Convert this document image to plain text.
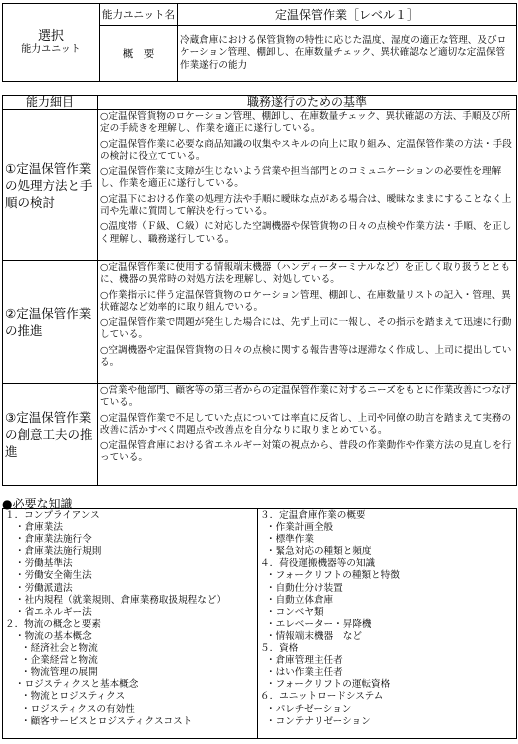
選択
能力ユニット	能力ユニット名	定温保管作業［レベル１］
	概　要	冷蔵倉庫における保管貨物の特性に応じた温度、湿度の適正な管理、及びロケーション管理、棚卸し、在庫数量チェック、異状確認など適切な定温保管作業遂行の能力
能力細目	職務遂行のための基準
①定温保管作業の処理方法と手順の検討	○定温保管貨物のロケーション管理、棚卸し、在庫数量チェック、異状確認の方法、手順及び所定の手続きを理解し、作業を適正に遂行している。

○定温保管作業に必要な商品知識の収集やスキルの向上に取り組み、定温保管作業の方法・手段の検討に役立てている。

○定温保管作業に支障が生じないよう営業や担当部門とのコミュニケーションの必要性を理解し、作業を適正に遂行している。

○定温下における作業の処理方法や手順に曖昧な点がある場合は、曖昧なままにすることなく上司や先輩に質問して解決を行っている。

○温度帯（Ｆ級、Ｃ級）に対応した空調機器や保管貨物の日々の点検や作業方法・手順、を正しく理解し、職務遂行している。

②定温保管作業の推進	○定温保管作業に使用する情報端末機器（ハンディーターミナルなど）を正しく取り扱うとともに、機器の異常時の対処方法を理解し、対処している。

○作業指示に伴う定温保管貨物のロケーション管理、棚卸し、在庫数量リストの記入・管理、異状確認など効率的に取り組んでいる。

○定温保管作業で問題が発生した場合には、先ず上司に一報し、その指示を踏まえて迅速に行動している。

○空調機器や定温保管貨物の日々の点検に関する報告書等は遅滞なく作成し、上司に提出している。

③定温保管作業の創意工夫の推進	○営業や他部門、顧客等の第三者からの定温保管作業に対するニーズをもとに作業改善につなげている。

○定温保管作業で不足していた点については率直に反省し、上司や同僚の助言を踏まえて実務の改善に活かすべく問題点や改善点を自分なりに取りまとめている。

○定温保管倉庫における省エネルギー対策の視点から、普段の作業動作や作業方法の見直しを行っている。

●必要な知識
１．コンプライアンス
・倉庫業法
・倉庫業法施行令
・倉庫業法施行規則
・労働基準法
・労働安全衛生法
・労働派遣法
・社内規程（就業規則、倉庫業務取扱規程など）
・省エネルギー法
２．物流の概念と要素
・物流の基本概念
・経済社会と物流
・企業経営と物流
・物流管理の展開
・ロジスティクスと基本概念
・物流とロジスティクス
・ロジスティクスの有効性
・顧客サービスとロジスティクスコスト

３．定温倉庫作業の概要
・作業計画全般
・標準作業
・緊急対応の種類と頻度
４．荷役運搬機器等の知識
・フォークリフトの種類と特徴
・自動仕分け装置
・自動立体倉庫
・コンベヤ類
・エレベーター・昇降機
・情報端末機器　など
５．資格
・倉庫管理主任者
・はい作業主任者
・フォークリフトの運転資格
６．ユニットロードシステム
・パレチゼーション
・コンテナリゼーション
